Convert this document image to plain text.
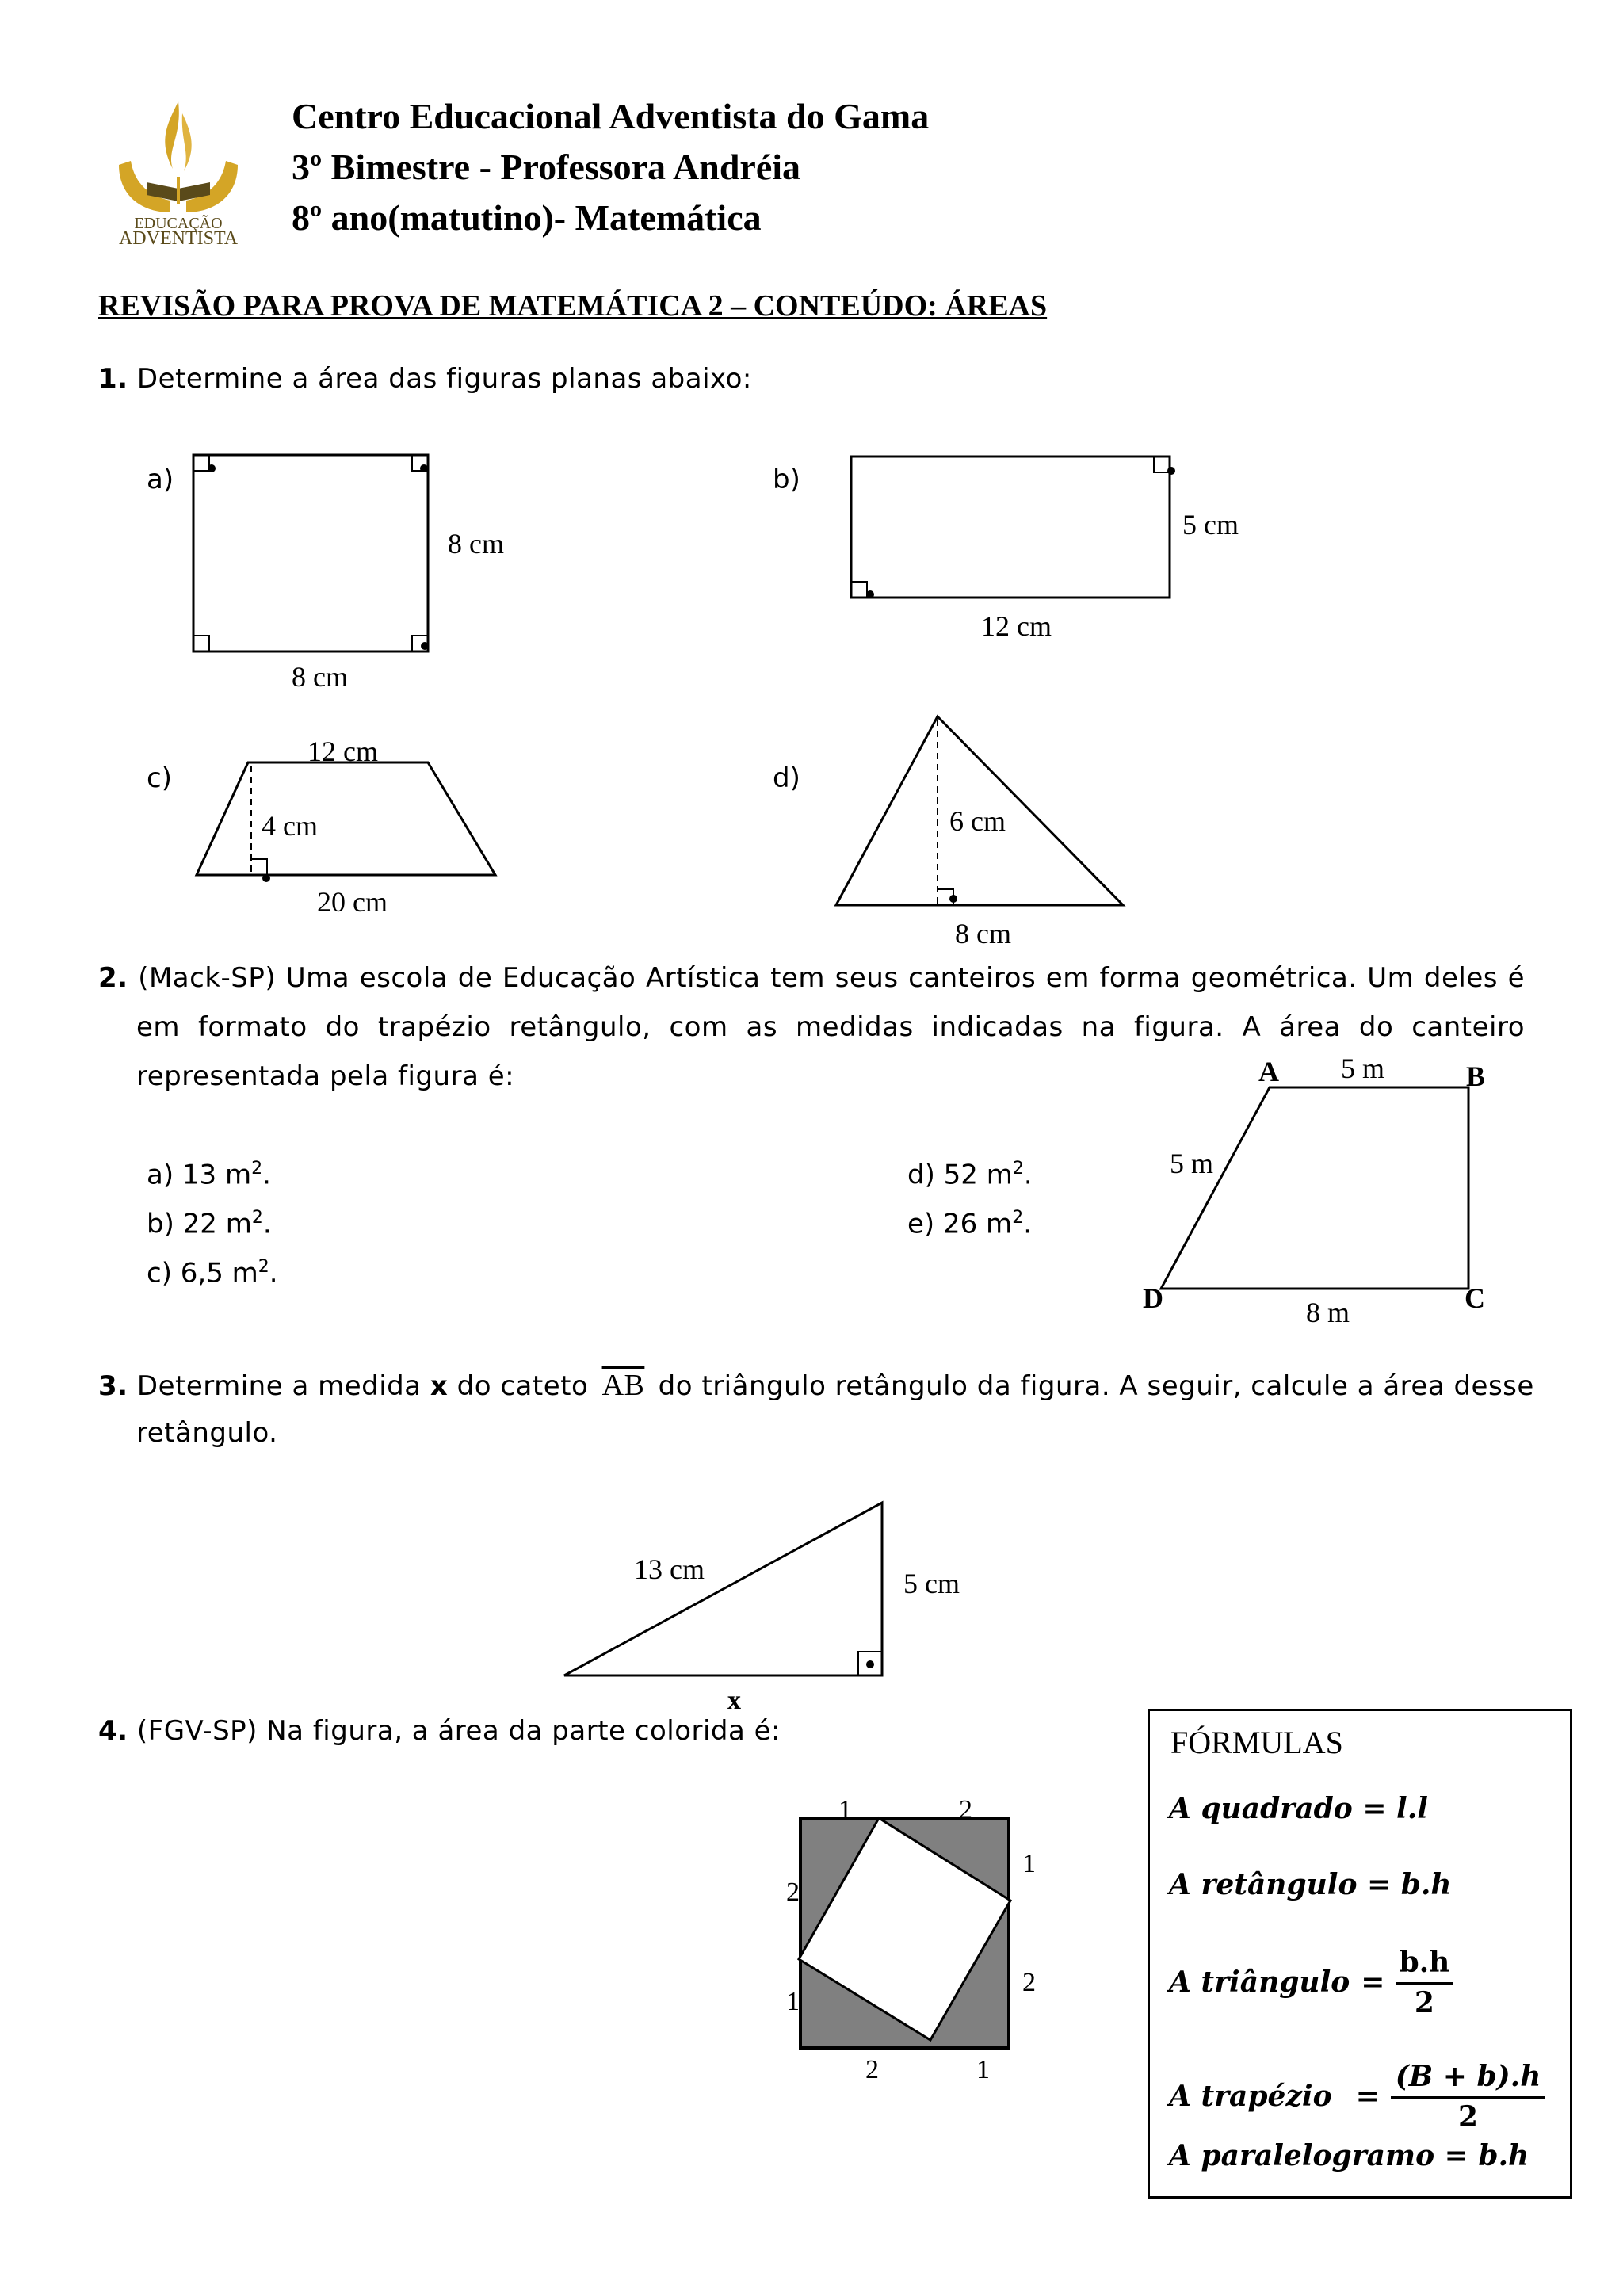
EDUCAÇÃO
ADVENTISTA
Centro Educacional Adventista do Gama
3º Bimestre - Professora Andréia
8º ano(matutino)- Matemática
REVISÃO PARA PROVA DE MATEMÁTICA 2 – CONTEÚDO: ÁREAS
1. Determine a área das figuras planas abaixo:
a)
8 cm
8 cm
b)
5 cm
12 cm
c)
12 cm
4 cm
20 cm
d)
6 cm
8 cm
2. (Mack-SP) Uma escola de Educação Artística tem seus canteiros em forma geométrica. Um deles é
em formato do trapézio retângulo, com as medidas indicadas na figura. A área do canteiro
representada pela figura é:
a) 13 $m^2$.
b) 22 $m^2$.
c) 6,5 $m^2$.
d) 52 $m^2$.
e) 26 $m^2$.
A	B
C
D
5 m
5 m
8 m
3. Determine a medida x do cateto $\overline{AB}$ do triângulo retângulo da figura. A seguir, calcule a área desse
retângulo.
13 cm	5 cm
x
4. (FGV-SP) Na figura, a área da parte colorida é:
1	2
1
2
2	1
2
1
FÓRMULAS
A quadrado = l.l
A retângulo = b.h
A triângulo =
b.h
2
A trapézio =
(B + b).h
2
A paralelogramo = b.h
